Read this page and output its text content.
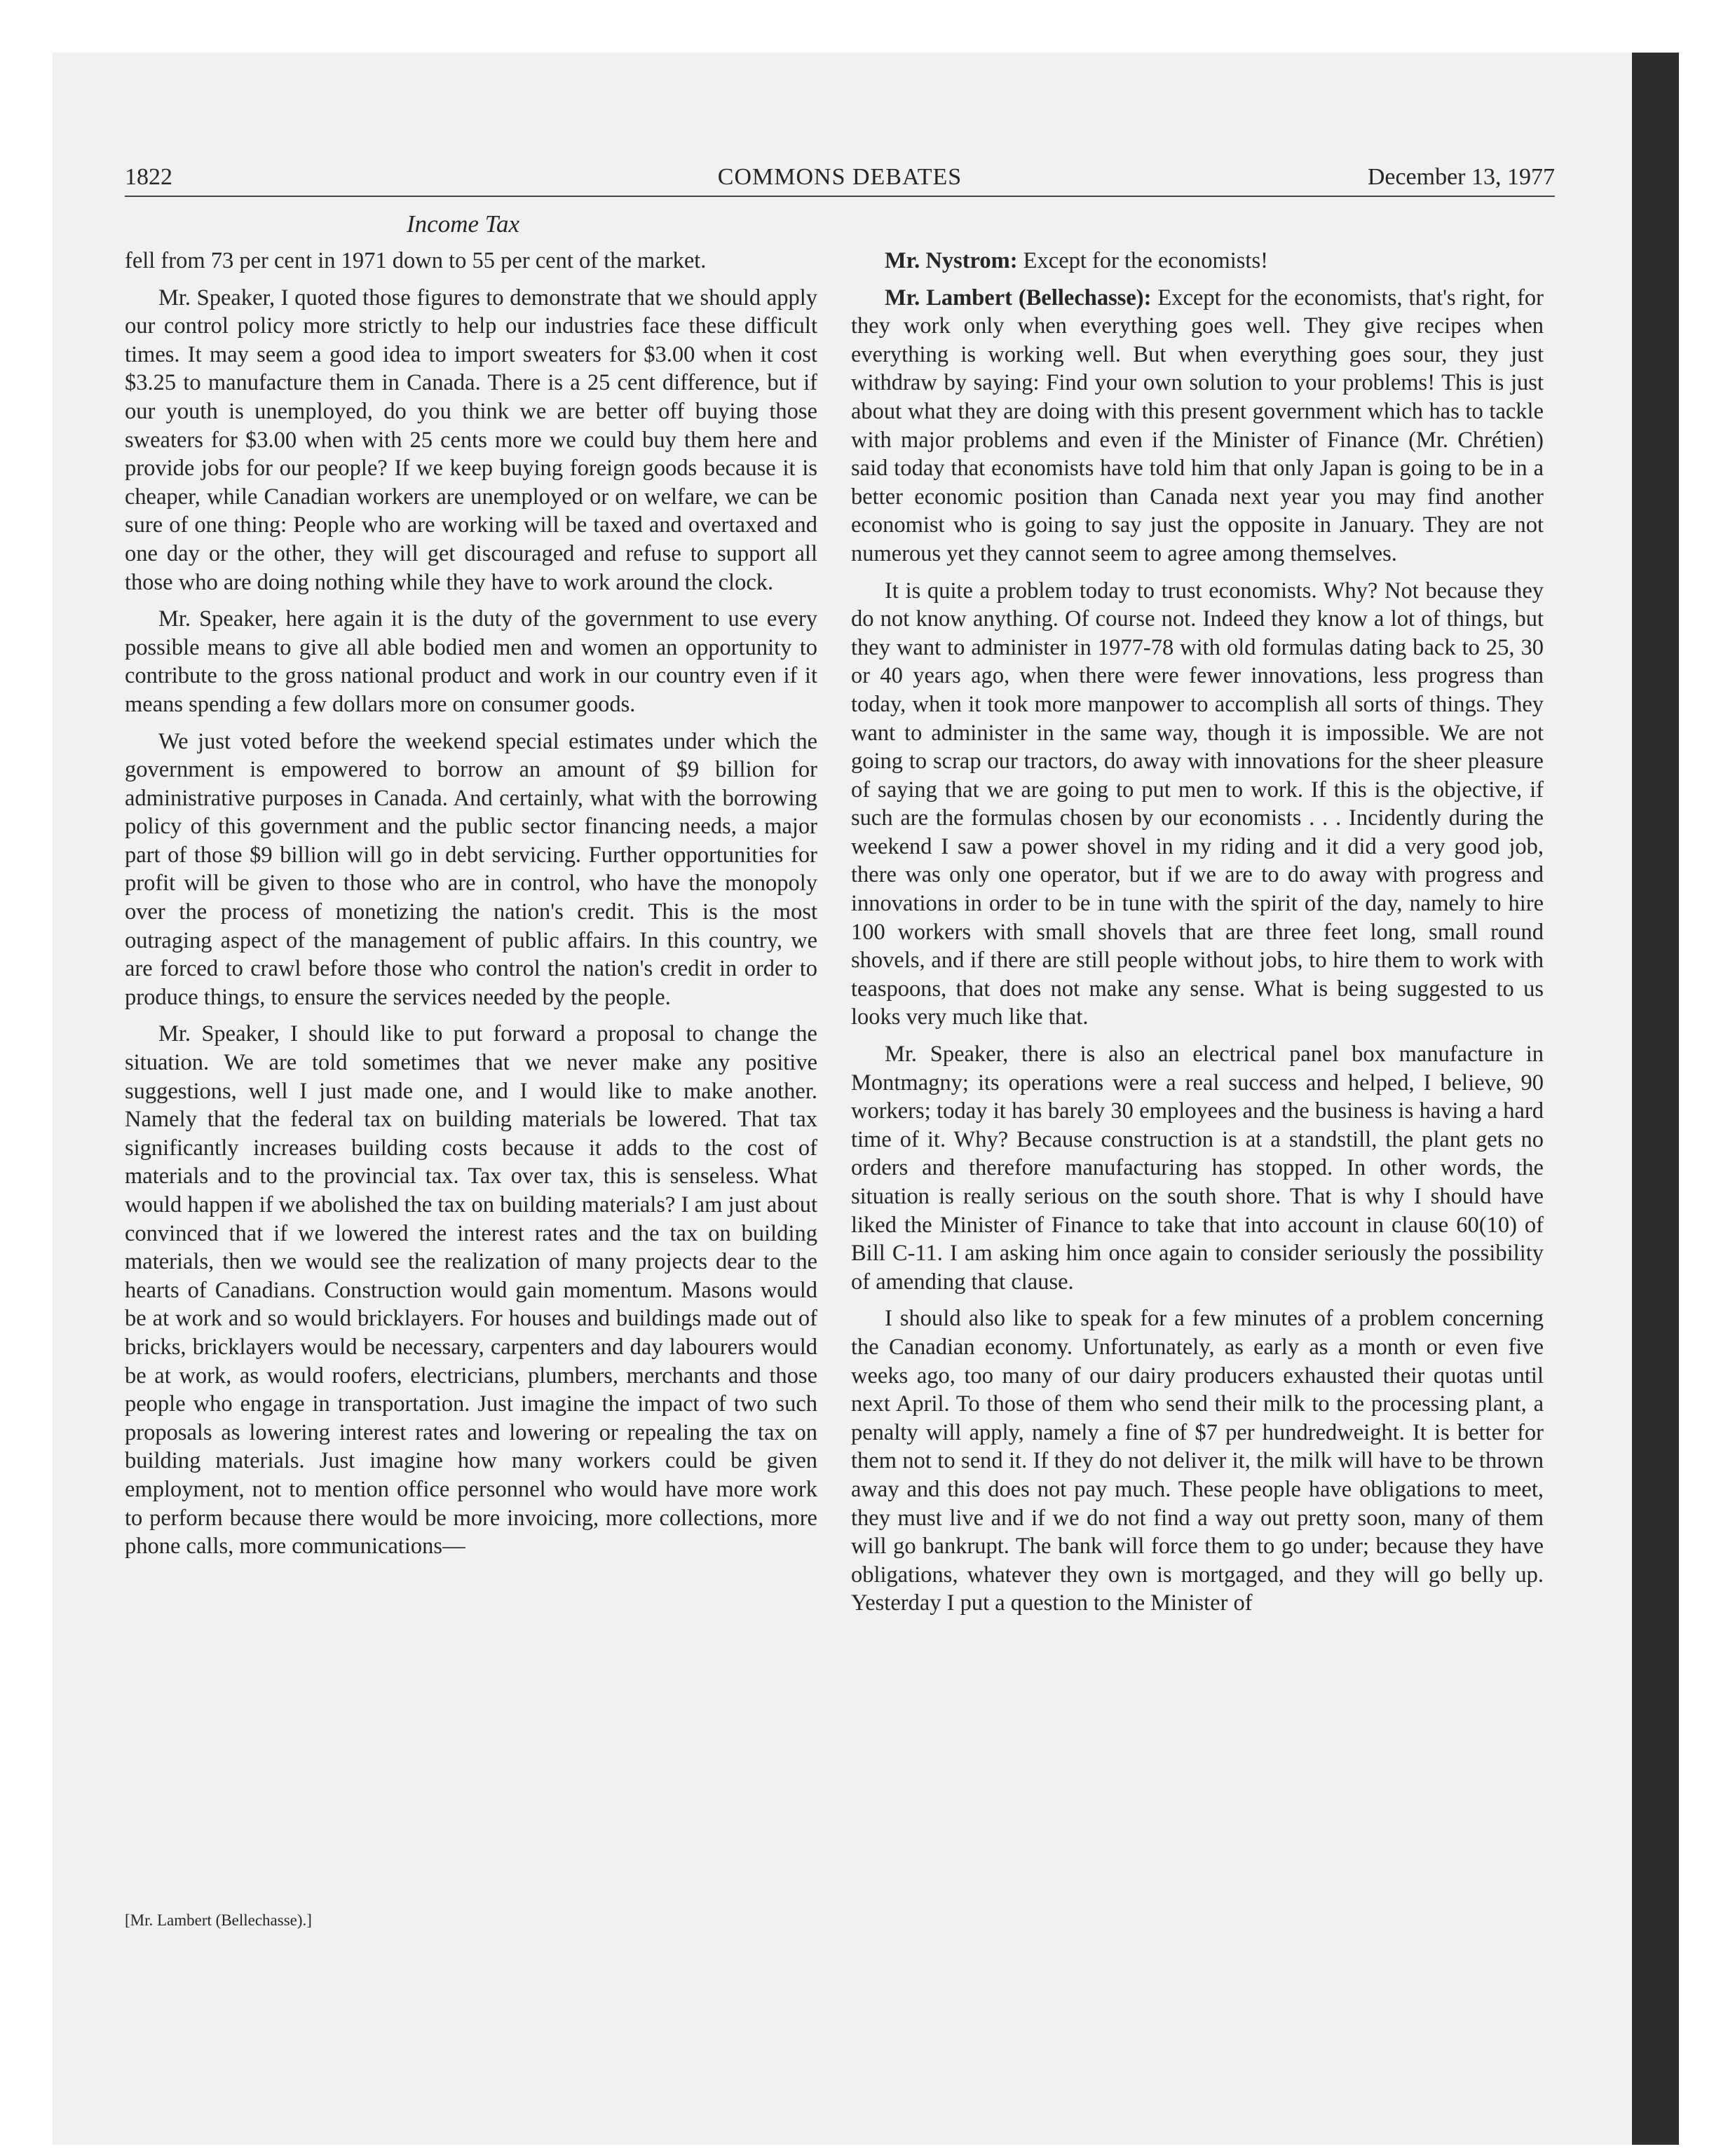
1822	COMMONS DEBATES	December 13, 1977
Income Tax

fell from 73 per cent in 1971 down to 55 per cent of the market.

Mr. Speaker, I quoted those figures to demonstrate that we should apply our control policy more strictly to help our industries face these difficult times. It may seem a good idea to import sweaters for $3.00 when it cost $3.25 to manufacture them in Canada. There is a 25 cent difference, but if our youth is unemployed, do you think we are better off buying those sweaters for $3.00 when with 25 cents more we could buy them here and provide jobs for our people? If we keep buying foreign goods because it is cheaper, while Canadian workers are unemployed or on welfare, we can be sure of one thing: People who are working will be taxed and overtaxed and one day or the other, they will get discouraged and refuse to support all those who are doing nothing while they have to work around the clock.

Mr. Speaker, here again it is the duty of the government to use every possible means to give all able bodied men and women an opportunity to contribute to the gross national product and work in our country even if it means spending a few dollars more on consumer goods.

We just voted before the weekend special estimates under which the government is empowered to borrow an amount of $9 billion for administrative purposes in Canada. And certainly, what with the borrowing policy of this government and the public sector financing needs, a major part of those $9 billion will go in debt servicing. Further opportunities for profit will be given to those who are in control, who have the monopoly over the process of monetizing the nation's credit. This is the most outraging aspect of the management of public affairs. In this country, we are forced to crawl before those who control the nation's credit in order to produce things, to ensure the services needed by the people.

Mr. Speaker, I should like to put forward a proposal to change the situation. We are told sometimes that we never make any positive suggestions, well I just made one, and I would like to make another. Namely that the federal tax on building materials be lowered. That tax significantly increases building costs because it adds to the cost of materials and to the provincial tax. Tax over tax, this is senseless. What would happen if we abolished the tax on building materials? I am just about convinced that if we lowered the interest rates and the tax on building materials, then we would see the realization of many projects dear to the hearts of Canadians. Construction would gain momentum. Masons would be at work and so would bricklayers. For houses and buildings made out of bricks, bricklayers would be necessary, carpenters and day labourers would be at work, as would roofers, electricians, plumbers, merchants and those people who engage in transportation. Just imagine the impact of two such proposals as lowering interest rates and lowering or repealing the tax on building materials. Just imagine how many workers could be given employment, not to mention office personnel who would have more work to perform because there would be more invoicing, more collections, more phone calls, more communications—

[Mr. Lambert (Bellechasse).]

Mr. Nystrom: Except for the economists!

Mr. Lambert (Bellechasse): Except for the economists, that's right, for they work only when everything goes well. They give recipes when everything is working well. But when everything goes sour, they just withdraw by saying: Find your own solution to your problems! This is just about what they are doing with this present government which has to tackle with major problems and even if the Minister of Finance (Mr. Chrétien) said today that economists have told him that only Japan is going to be in a better economic position than Canada next year you may find another economist who is going to say just the opposite in January. They are not numerous yet they cannot seem to agree among themselves.

It is quite a problem today to trust economists. Why? Not because they do not know anything. Of course not. Indeed they know a lot of things, but they want to administer in 1977-78 with old formulas dating back to 25, 30 or 40 years ago, when there were fewer innovations, less progress than today, when it took more manpower to accomplish all sorts of things. They want to administer in the same way, though it is impossible. We are not going to scrap our tractors, do away with innovations for the sheer pleasure of saying that we are going to put men to work. If this is the objective, if such are the formulas chosen by our economists . . . Incidently during the weekend I saw a power shovel in my riding and it did a very good job, there was only one operator, but if we are to do away with progress and innovations in order to be in tune with the spirit of the day, namely to hire 100 workers with small shovels that are three feet long, small round shovels, and if there are still people without jobs, to hire them to work with teaspoons, that does not make any sense. What is being suggested to us looks very much like that.

Mr. Speaker, there is also an electrical panel box manufacture in Montmagny; its operations were a real success and helped, I believe, 90 workers; today it has barely 30 employees and the business is having a hard time of it. Why? Because construction is at a standstill, the plant gets no orders and therefore manufacturing has stopped. In other words, the situation is really serious on the south shore. That is why I should have liked the Minister of Finance to take that into account in clause 60(10) of Bill C-11. I am asking him once again to consider seriously the possibility of amending that clause.

I should also like to speak for a few minutes of a problem concerning the Canadian economy. Unfortunately, as early as a month or even five weeks ago, too many of our dairy producers exhausted their quotas until next April. To those of them who send their milk to the processing plant, a penalty will apply, namely a fine of $7 per hundredweight. It is better for them not to send it. If they do not deliver it, the milk will have to be thrown away and this does not pay much. These people have obligations to meet, they must live and if we do not find a way out pretty soon, many of them will go bankrupt. The bank will force them to go under; because they have obligations, whatever they own is mortgaged, and they will go belly up. Yesterday I put a question to the Minister of
